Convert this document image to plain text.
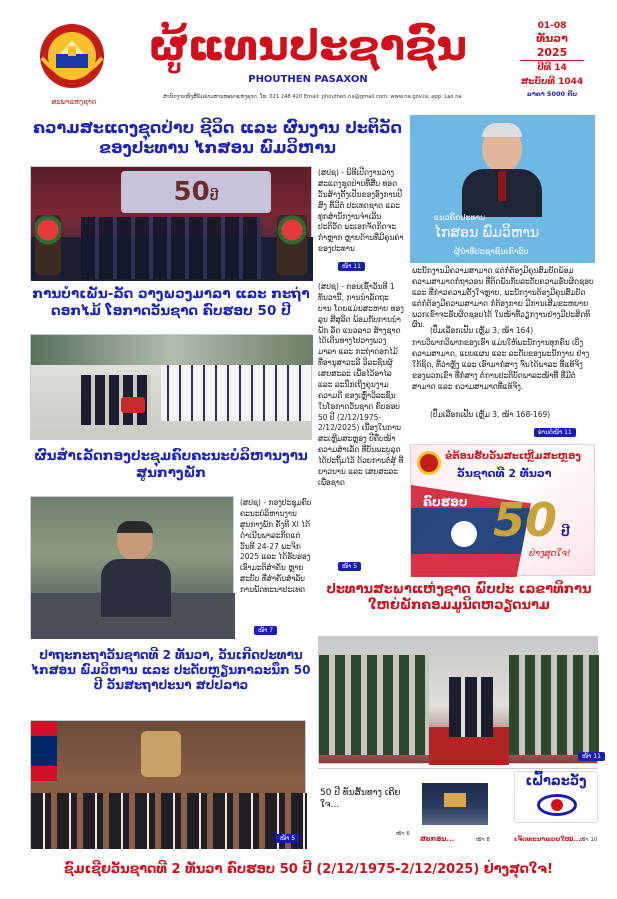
ສະພາແຫ່ງຊາດ
ຜູ້ແທນປະຊາຊົນ
PHOUTHEN PASAXON
ສຳນັກງານໜັງສືພິມຂ່າວສານສະພາແຫ່ງຊາດ, ໂທ: 021 248 420 Email: phouthen.na@gmail.com; www.na.gov.la; app: Lao na
01-08
ທັນວາ
2025
ປີທີ 14
ສະບັບທີ 1044
ລາຄາ 5000 ກີບ
ຄວາມສະແດງຊຸດປ່າບ ຊີວິດ ແລະ ຜົນງານ ປະຕິວັດ ຂອງປະທານ ໄກສອນ ພົມວິຫານ
50ປີ
(ສປຊ) - ພິທີເປີດງານວາງສະແດງຊຸດປ່າບທີ່ສືບ ທອດວັນສ້າງຕັ້ງເປັນຂອງອົງການປີສົງ ທີ່ມີຕໍ່ ປະເທດຊາດ ແລະ ທຸກສຳນັກງານຈຳເລີນປະຕິວັດ ພະເອກຈັດກິດຈະກຳຫຼາກ ຫຼາຍດ້ານທີ່ມີຄຸນຄ່າຂອງປະທານ
ໜ້າ 11
ການບຳເພັນ-ລັດ ວາງພວງມາລາ ແລະ ກະຖ່າ ດອກໄມ້ ໂອກາດວັນຊາດ ຄົບຮອບ 50 ປີ
(ສປຊ) - ຕອນເຊົ້າວັນທີ 1 ທັນວານີ້, ການນຳລັດຖະ ບານ ໂດຍແມ່ນສະຫາຍ ທອງລຸນ ສີສຸລິດ ພ້ອມກັບການນຳພັກ ລັດ ແນວລາວ ສ້າງຊາດ ໄດ້ເດີນທາງໄປວາງພວງມາລາ ແລະ ກະຖ່າດອກໄມ້ ທີ່ອານຸສາວະລີ ວິລະຊົນຜູ້ເສຍສະລະ ເພື່ອໄວ້ອາໄລ ແລະ ລະນຶກເຖິງຄຸນງາມຄວາມດີ ຂອງເຫຼົ່າວິລະຊົນ ໃນໂອກາດວັນຊາດ ຄົບຮອບ 50 ປີ (2/12/1975-2/12/2025) ເນື່ອງໃນການສະເຫຼີມສະຫຼອງ ປີຄືບໜ້າ ຄວາມສຳເລັດ ທີ່ບັນພະບູລຸດໄດ້ປະຖິ້ມໄວ້ ດ້ວຍການຕໍ່ສູ້ ທີ່ຍາວນານ ແລະ ເສຍສະລະ ເພື່ອຊາດ
ໜ້າ 5
ຜົນສຳເລັດກອງປະຊຸມຄົບຄະນະບໍລິຫານງານສູນກາງພັກ
(ສປຊ) - ກອງປະຊຸມຄົບຄະນະບໍລິຫານງານສູນກາງພັກ ຄັ້ງທີ XI ໄດ້ດຳເນີນພາລະກິດແຕ່ວັນທີ 24-27 ພະຈິກ 2025 ແລະ ໄດ້ຮັບຮອງເອົາມະຕິສຳຄັນ ຫຼາຍສະບັບ ທີ່ສຳຄັນສຳລັບການພັດທະນາປະເທດ
ໜ້າ 7
ປາຖະກະຖາວັນຊາດທີ 2 ທັນວາ, ວັນເກີດປະທານ ໄກສອນ ພົມວິຫານ ແລະ ປະດັບຫຼຽນກາລະນຶກ 50 ປີ ວັນສະຖາປະນາ ສປປລາວ
ໜ້າ 5
ແນວຄິດປະທານ
ໄກສອນ ພົມວິຫານ
ຜູ້ນຳທີ່ປະຊາຊົນເຄົາລົບ
ພະນັກງານມີຄວາມສາມາດ ແຕ່ກໍ່ຕ້ອງມີຄຸນສົມບັດພ້ອມ ຄວາມສາມາດກໍ່ຖາວອນ ທີ່ຕິດພັນກັບລະດັບຄວາມຮັບຜິດຊອບ ແລະ ທີ່ກ່າວຄວາມຕັ້ງໃຈຫຼາຍ, ພະນັກງານຕ້ອງມີຄຸນສົມບັດ ແຕ່ກໍ່ຕ້ອງມີຄວາມສາມາດ ກໍ່ຕ້ອງກາຍ ມີການເສີມຂະຫຍາຍ ພວກເຂົາຈະຮັບຜິດຊອບໄດ້ ໃນໜ້າທີ່ວຽກງານຢ່າງມີປະສິດທິຜົນ.
(ປຶ້ມເລືອກເຟັ້ນ ເຫຼັ້ມ 3, ໜ້າ 164)
ການວິພາກວິພາກຂອງເຮົາ ແມ່ນໃຫ້ພະນັກງານທຸກຄົນ ເບິ່ງຄວາມສາມາດ, ແບບແຜນ ແລະ ລະດັບຂອງພະນັກງານ ຢ່າງໃກ້ຊິດ, ທີ່ວ່າຫຼັງ ແລະ ເອົາມາກໍ່ສາງ ຈົນໄດ້ພາລະ ທີ່ແທ້ຈິງຂອງພວກເຂົາ ທີ່ກໍ່ສາງ ຕໍ່ການປະຕິບັດພາລະໜ້າທີ່ ທີ່ມີຕໍ່ສາມາດ ແລະ ຄວາມສາມາດທີ່ແທ້ຈິງ.
(ປຶ້ມເລືອກເຟັ້ນ ເຫຼັ້ມ 3, ໜ້າ 168-169)
ອ່ານຕໍ່ໜ້າ 11
ຂໍ່ຕ້ອນຮັບວັນສະເຫຼີມສະຫຼອງ
ວັນຊາດທີ 2 ທັນວາ
ຄົບຮອບ 50 ປີ
ຢ່າງສຸດໃຈ!
ປະທານສະພາແຫ່ງຊາດ ພົບປະ ເລຂາທິການໃຫຍ່ພັກຄອມມູນິດຫວຽດນາມ
ໜ້າ 11
50 ປີ ທັນສັ້ນທາງ ເຄີຍໃຈ...
ໜ້າ 6
ສະກອນ...	ໜ້າ 8
ເຝົ້າລະວັງ
ເຈັດທະນາແບບໃໝ່... ໜ້າ 10
ຊົມເຊີຍວັນຊາດທີ 2 ທັນວາ ຄົບຮອບ 50 ປີ (2/12/1975-2/12/2025) ຢ່າງສຸດໃຈ!
